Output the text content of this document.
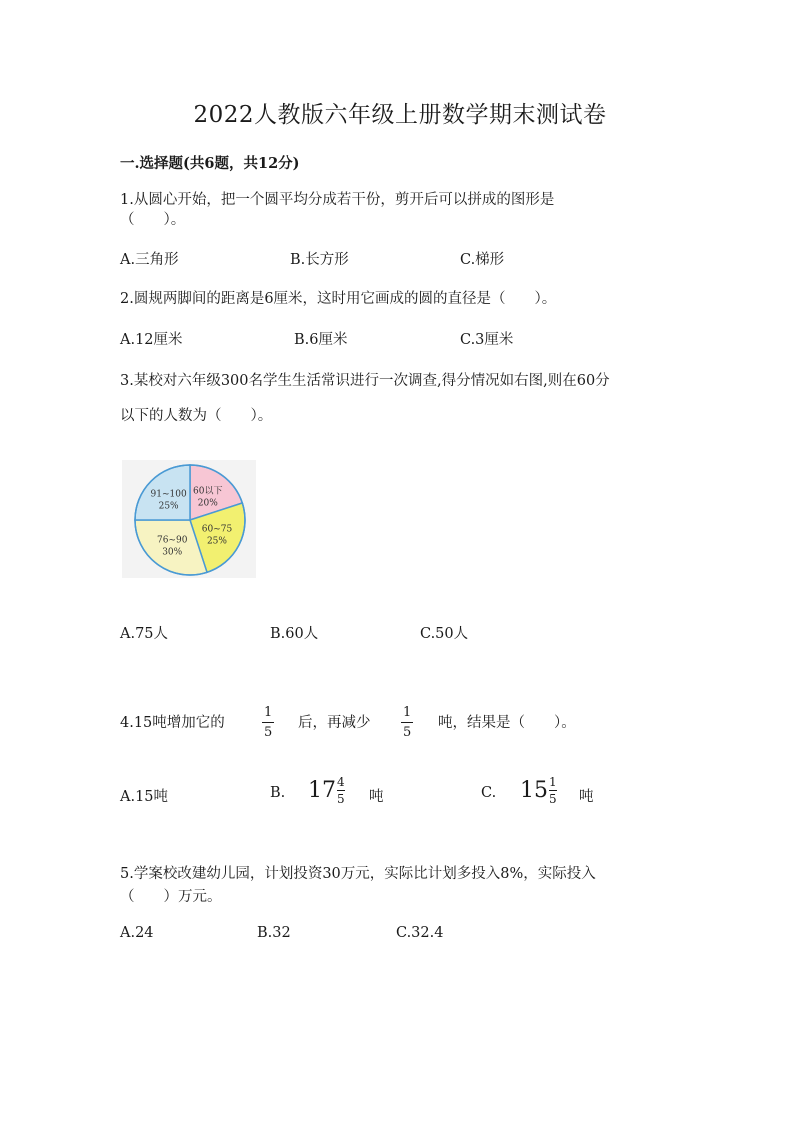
2022人教版六年级上册数学期末测试卷
一.选择题(共6题，共12分)
1.从圆心开始，把一个圆平均分成若干份，剪开后可以拼成的图形是
（　　）。
A.三角形	B.长方形	C.梯形
2.圆规两脚间的距离是6厘米，这时用它画成的圆的直径是（　　）。
A.12厘米	B.6厘米	C.3厘米
3.某校对六年级300名学生生活常识进行一次调查,得分情况如右图,则在60分
以下的人数为（　　）。
60以下
20%
60~75
25%
76~90
30%
91~100
25%
A.75人	B.60人	C.50人
4.15吨增加它的
1
5
后，再减少
1
5
吨，结果是（　　）。
A.15吨	B. $17\frac{4}{5}$ 吨	C. $15\frac{1}{5}$ 吨
5.学案校改建幼儿园，计划投资30万元，实际比计划多投入8%，实际投入
（　　）万元。
A.24	B.32	C.32.4
